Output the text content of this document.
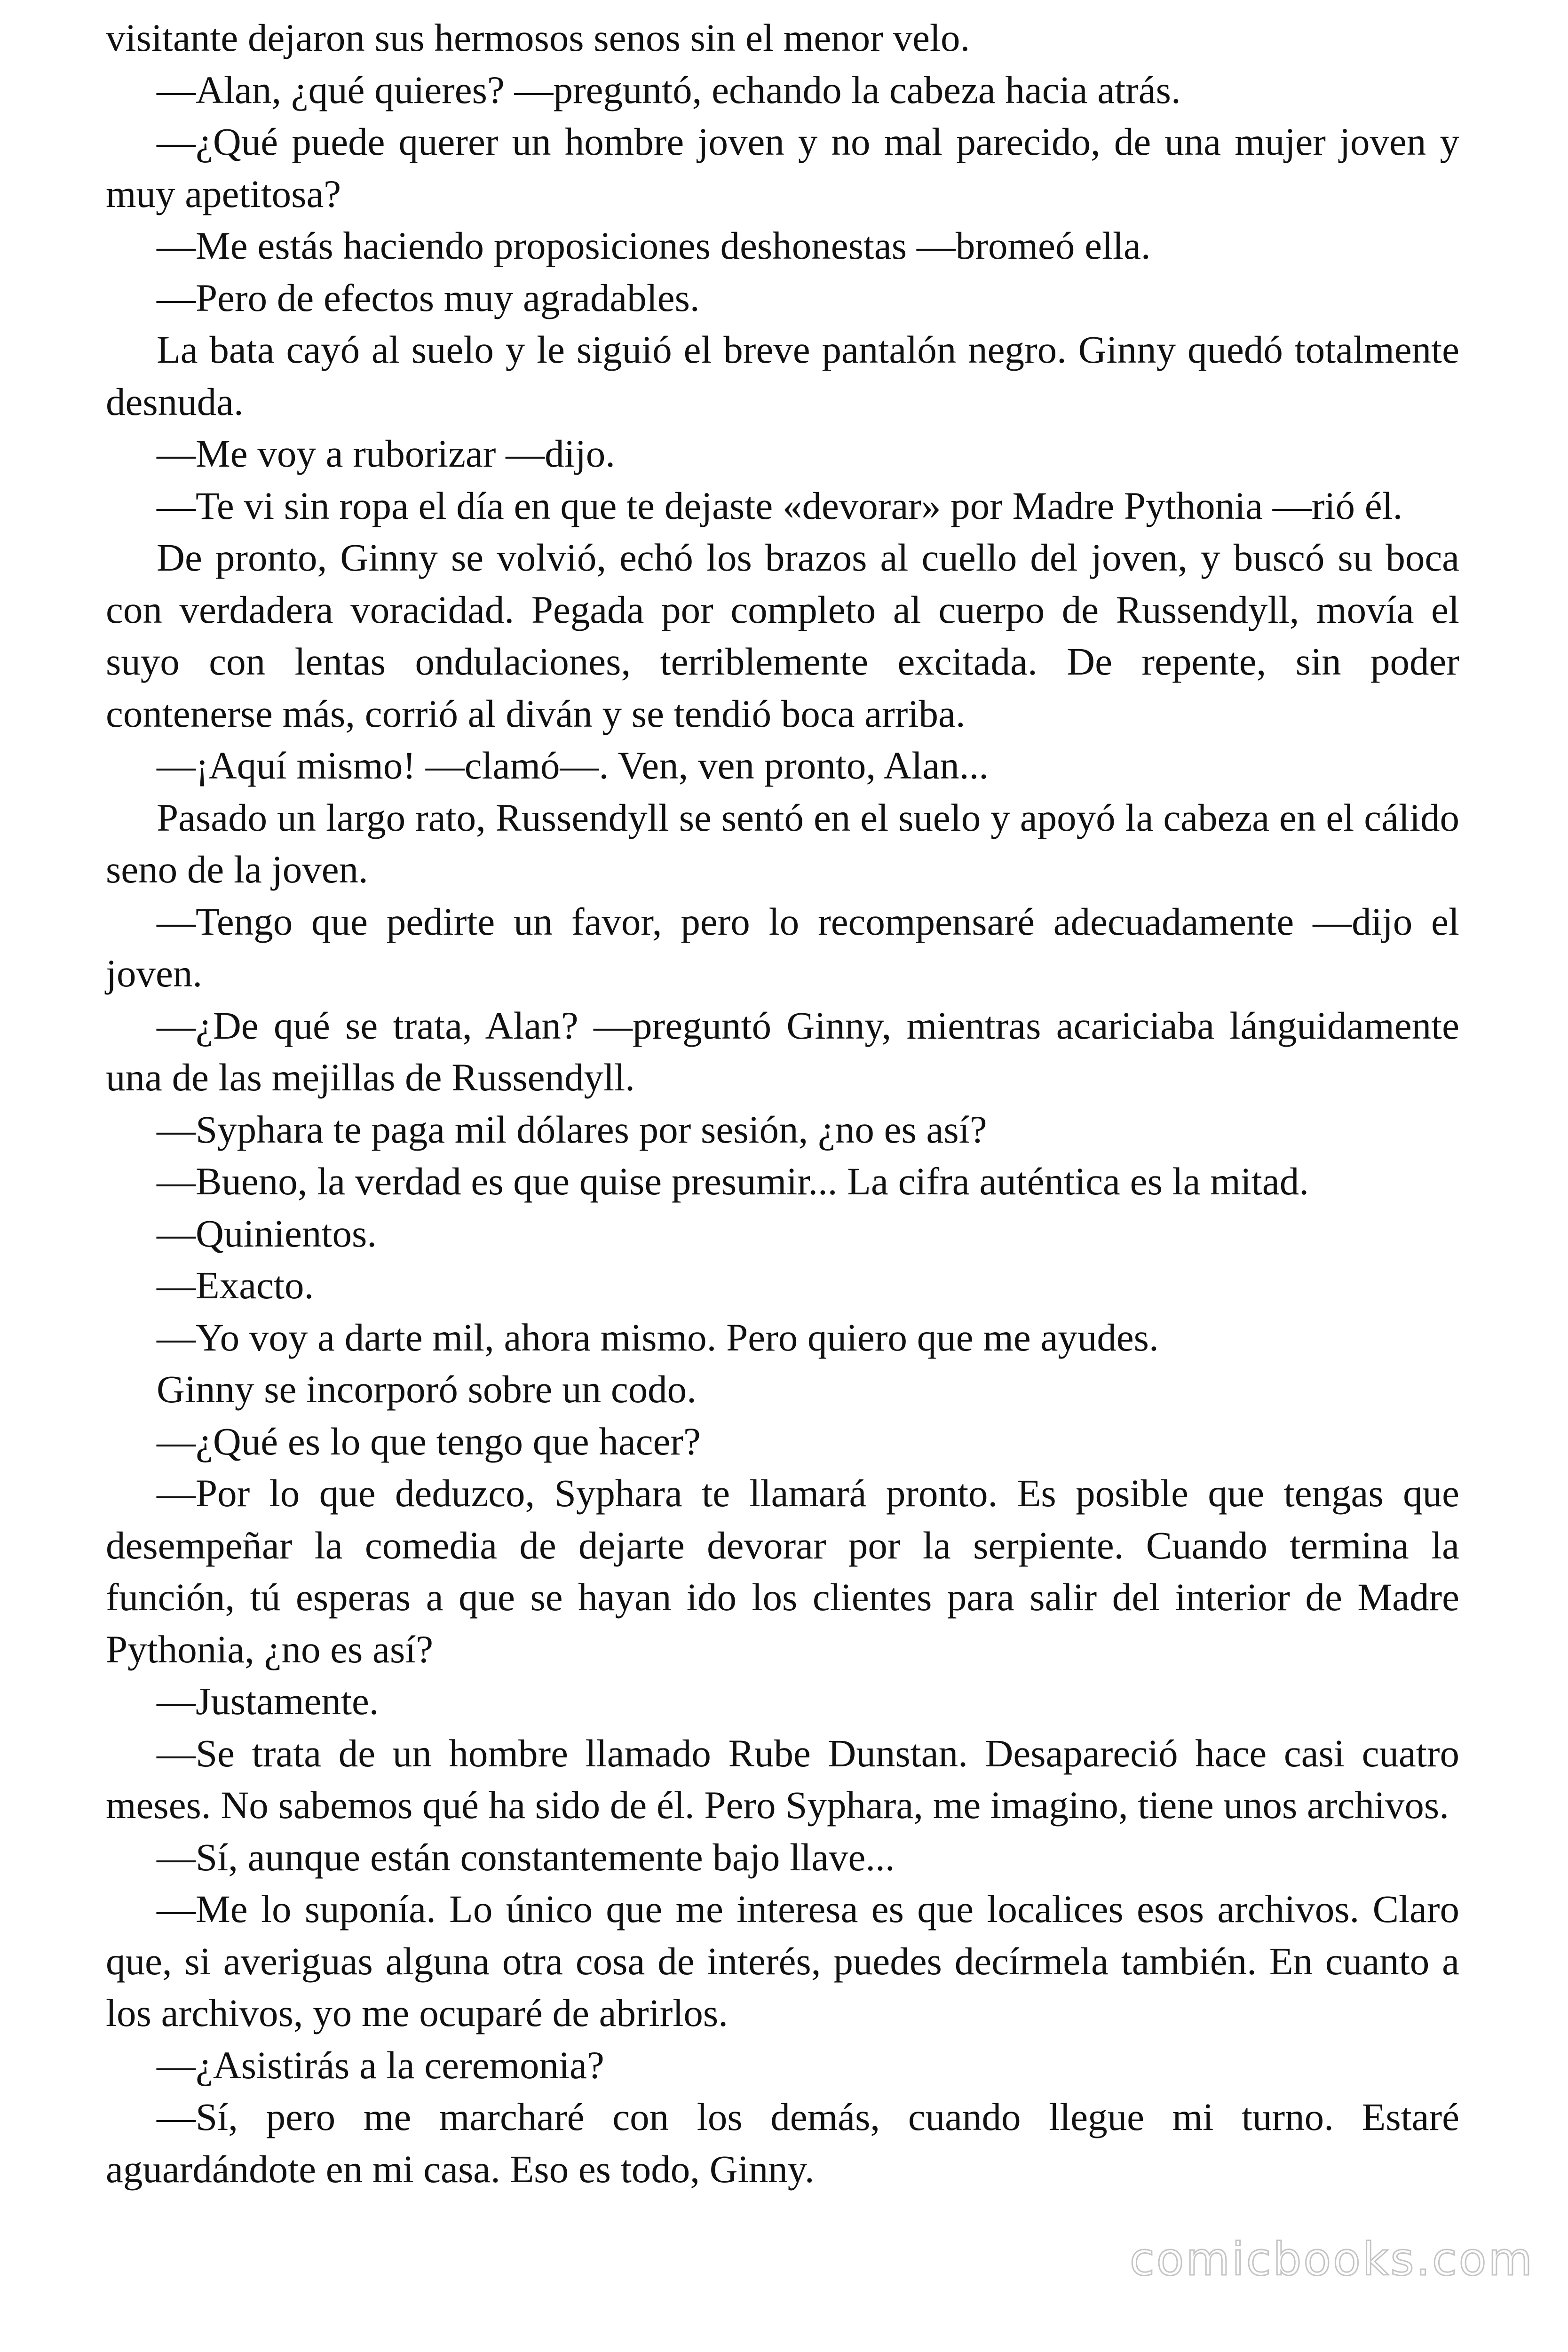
visitante dejaron sus hermosos senos sin el menor velo.

—Alan, ¿qué quieres? —preguntó, echando la cabeza hacia atrás.

—¿Qué puede querer un hombre joven y no mal parecido, de una mujer joven y muy apetitosa?

—Me estás haciendo proposiciones deshonestas —bromeó ella.

—Pero de efectos muy agradables.

La bata cayó al suelo y le siguió el breve pantalón negro. Ginny quedó totalmente desnuda.

—Me voy a ruborizar —dijo.

—Te vi sin ropa el día en que te dejaste «devorar» por Madre Pythonia —rió él.

De pronto, Ginny se volvió, echó los brazos al cuello del joven, y buscó su boca con verdadera voracidad. Pegada por completo al cuerpo de Russendyll, movía el suyo con lentas ondulaciones, terriblemente excitada. De repente, sin poder contenerse más, corrió al diván y se tendió boca arriba.

—¡Aquí mismo! —clamó—. Ven, ven pronto, Alan...

Pasado un largo rato, Russendyll se sentó en el suelo y apoyó la cabeza en el cálido seno de la joven.

—Tengo que pedirte un favor, pero lo recompensaré adecuadamente —dijo el joven.

—¿De qué se trata, Alan? —preguntó Ginny, mientras acariciaba lánguidamente una de las mejillas de Russendyll.

—Syphara te paga mil dólares por sesión, ¿no es así?

—Bueno, la verdad es que quise presumir... La cifra auténtica es la mitad.

—Quinientos.

—Exacto.

—Yo voy a darte mil, ahora mismo. Pero quiero que me ayudes.

Ginny se incorporó sobre un codo.

—¿Qué es lo que tengo que hacer?

—Por lo que deduzco, Syphara te llamará pronto. Es posible que tengas que desempeñar la comedia de dejarte devorar por la serpiente. Cuando termina la función, tú esperas a que se hayan ido los clientes para salir del interior de Madre Pythonia, ¿no es así?

—Justamente.

—Se trata de un hombre llamado Rube Dunstan. Desapareció hace casi cuatro meses. No sabemos qué ha sido de él. Pero Syphara, me imagino, tiene unos archivos.

—Sí, aunque están constantemente bajo llave...

—Me lo suponía. Lo único que me interesa es que localices esos archivos. Claro que, si averiguas alguna otra cosa de interés, puedes decírmela también. En cuanto a los archivos, yo me ocuparé de abrirlos.

—¿Asistirás a la ceremonia?

—Sí, pero me marcharé con los demás, cuando llegue mi turno. Estaré aguardándote en mi casa. Eso es todo, Ginny.

comicbooks.com
